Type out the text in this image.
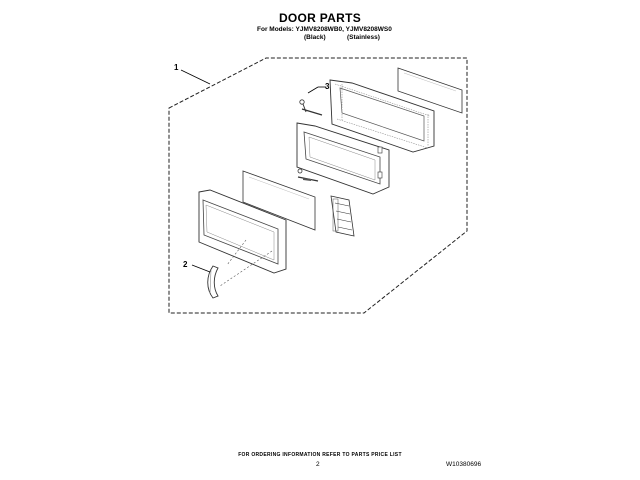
DOOR PARTS
For Models: YJMV8208WB0, YJMV8208WS0
(Black)	(Stainless)
1
2
3
FOR ORDERING INFORMATION REFER TO PARTS PRICE LIST
2	W10380696
